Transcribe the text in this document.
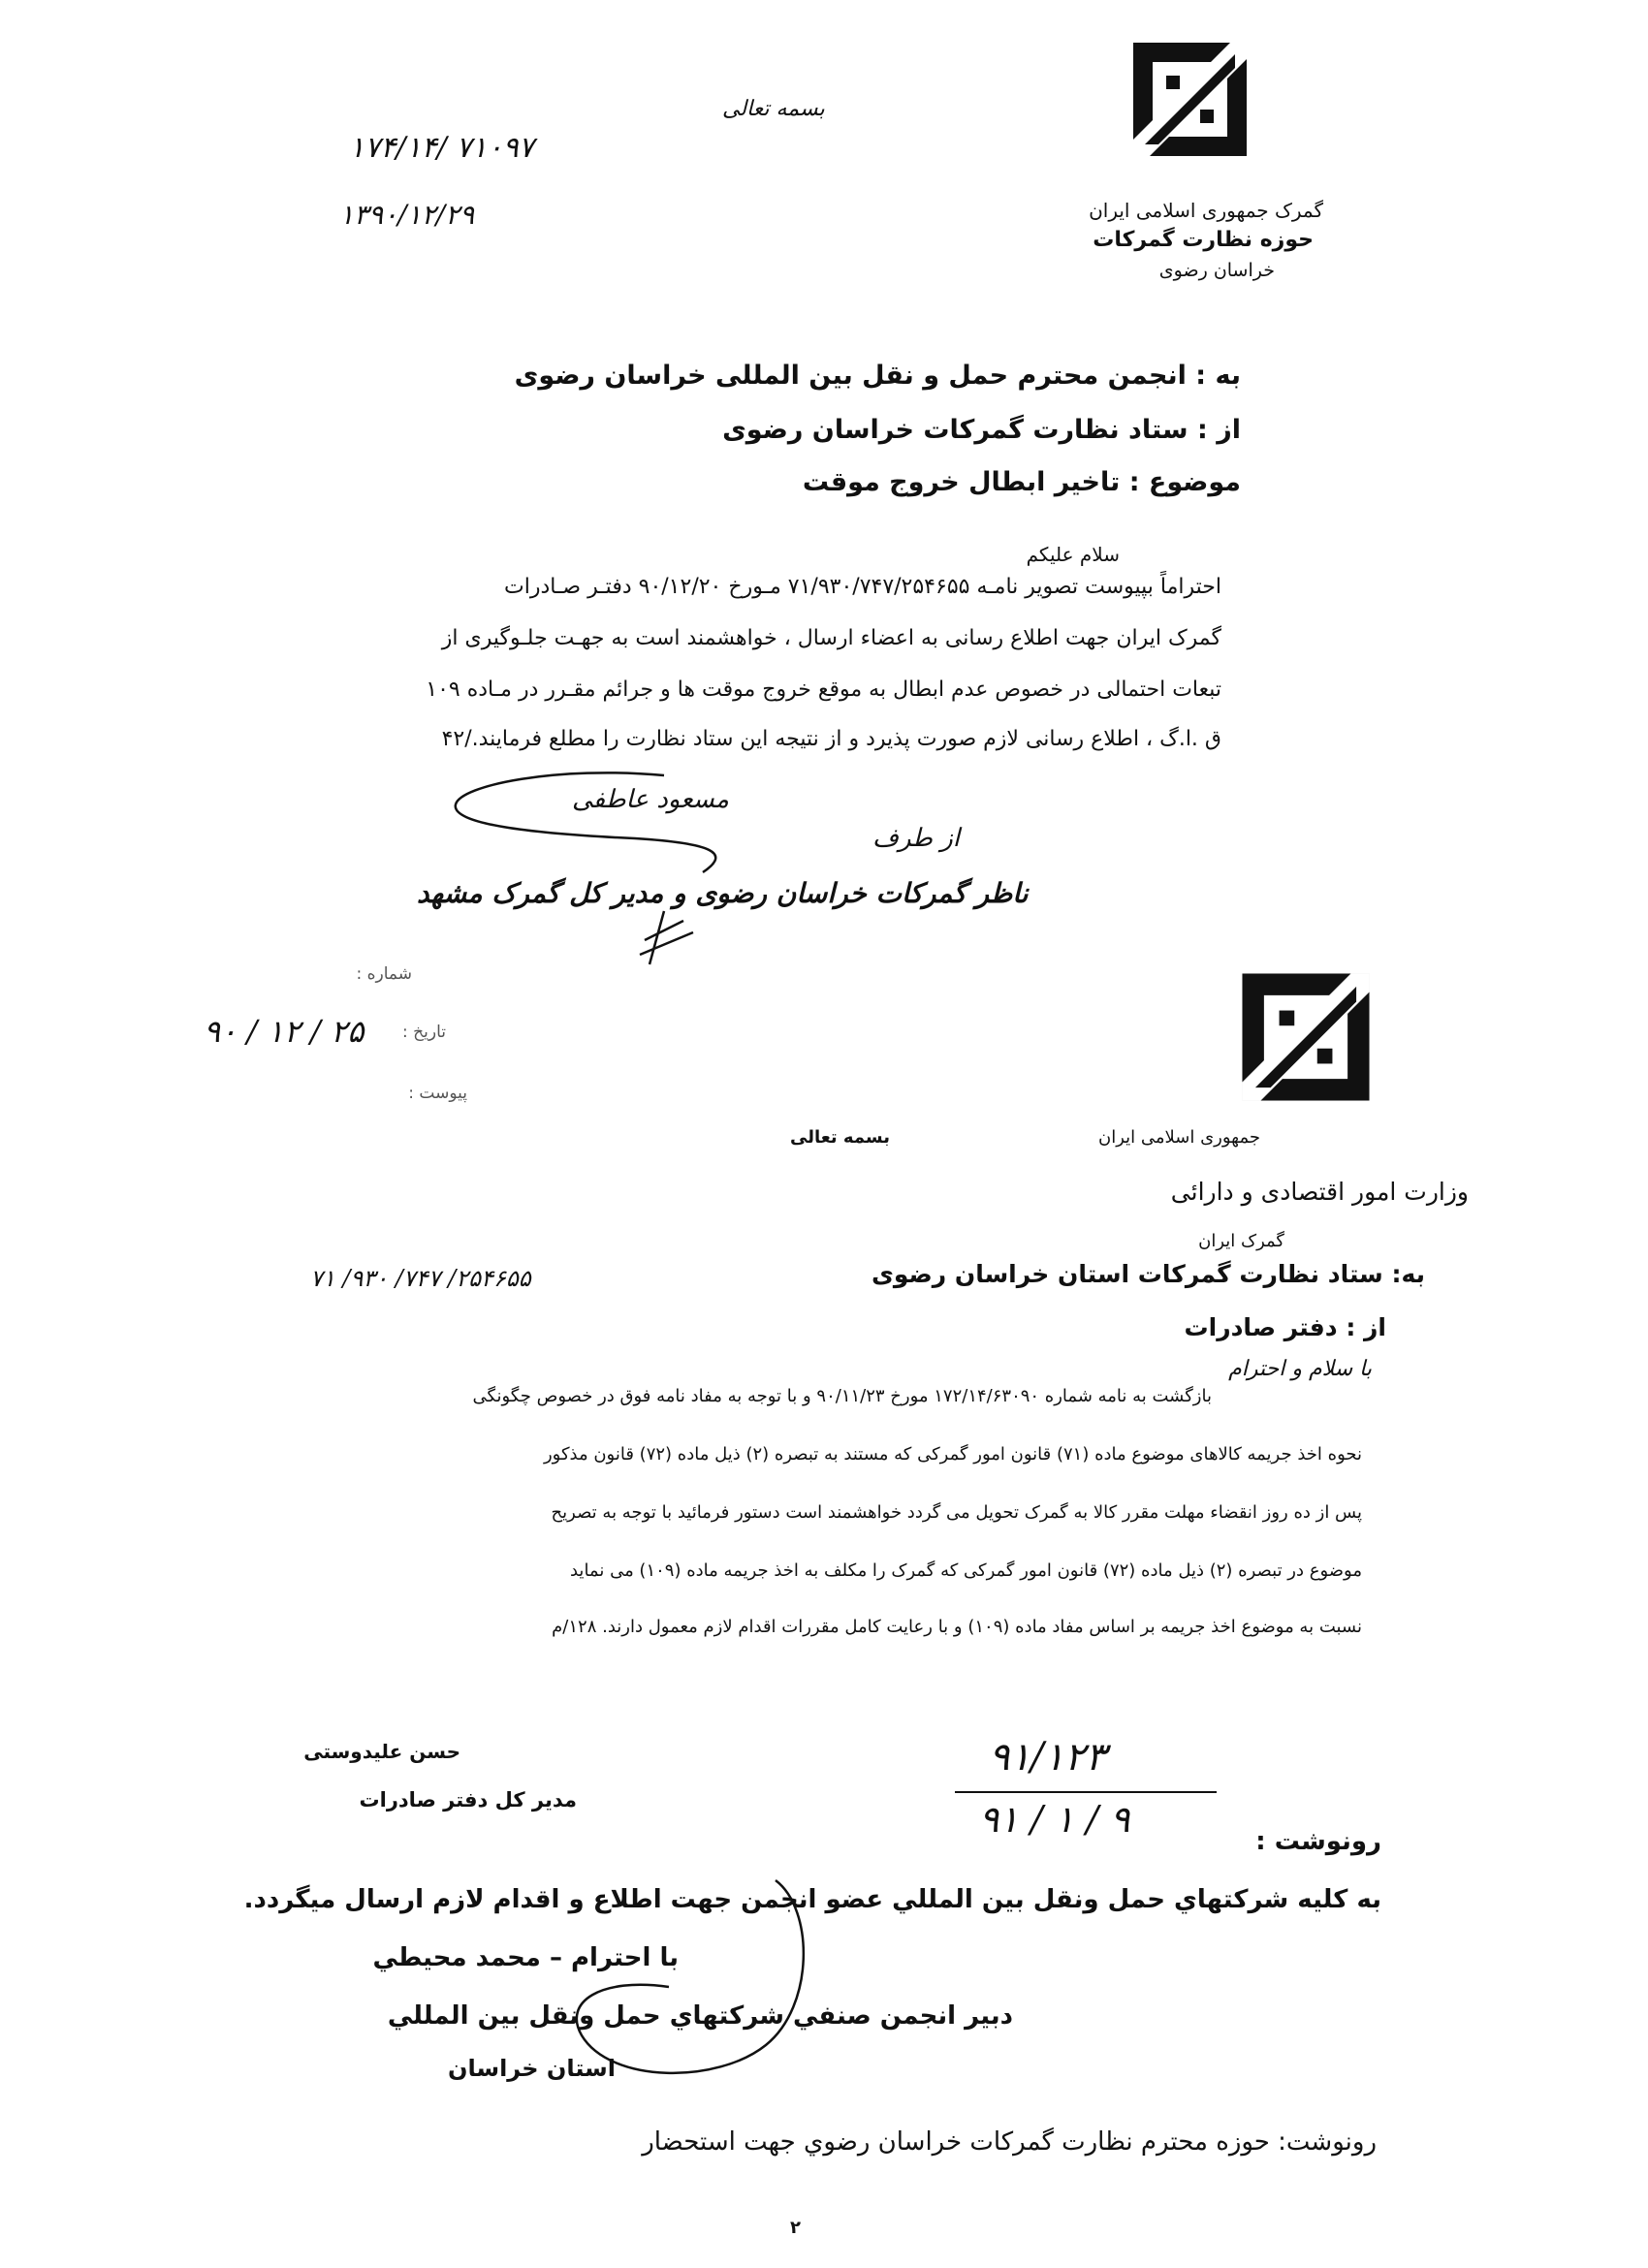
گمرک جمهوری اسلامی ایران
حوزه نظارت گمرکات
خراسان رضوی
بسمه تعالی
۱۷۴/۱۴/ ۷۱۰۹۷
۱۳۹۰/۱۲/۲۹
به : انجمن محترم حمل و نقل بین المللی خراسان رضوی
از : ستاد نظارت گمرکات خراسان رضوی
موضوع : تاخیر ابطال خروج موقت
سلام علیکم
احتراماً بپیوست تصویر نامـه ۷۱/۹۳۰/۷۴۷/۲۵۴۶۵۵ مـورخ ۹۰/۱۲/۲۰ دفتـر صـادرات
گمرک ایران جهت اطلاع رسانی به اعضاء ارسال ، خواهشمند است به جهـت جلـوگیری از
تبعات احتمالی در خصوص عدم ابطال به موقع خروج موقت ها و جرائم مقـرر در مـاده ۱۰۹
ق .ا.گ ، اطلاع رسانی لازم صورت پذیرد و از نتیجه این ستاد نظارت را مطلع فرمایند./۴۲
مسعود عاطفی
از طرف
ناظر گمرکات خراسان رضوی و مدیر کل گمرک مشهد
شماره :
تاریخ :
۹۰ / ۱۲ / ۲۵
پیوست :
بسمه تعالی	جمهوری اسلامی ایران
وزارت امور اقتصادی و دارائی
گمرک ایران
۷۱ /۹۳۰ /۷۴۷ /۲۵۴۶۵۵	به: ستاد نظارت گمرکات استان خراسان رضوی
از : دفتر صادرات
با سلام و احترام
بازگشت به نامه شماره ۱۷۲/۱۴/۶۳۰۹۰ مورخ ۹۰/۱۱/۲۳ و با توجه به مفاد نامه فوق در خصوص چگونگی
نحوه اخذ جریمه کالاهای موضوع ماده (۷۱) قانون امور گمرکی که مستند به تبصره (۲) ذیل ماده (۷۲) قانون مذکور
پس از ده روز انقضاء مهلت مقرر کالا به گمرک تحویل می گردد خواهشمند است دستور فرمائید با توجه به تصریح
موضوع در تبصره (۲) ذیل ماده (۷۲) قانون امور گمرکی که گمرک را مکلف به اخذ جریمه ماده (۱۰۹) می نماید
نسبت به موضوع اخذ جریمه بر اساس مفاد ماده (۱۰۹) و با رعایت کامل مقررات اقدام لازم معمول دارند. ۱۲۸/م
حسن علیدوستی
مدیر کل دفتر صادرات
۹۱/۱۲۳
۹۱ / ۱ / ۹
رونوشت :
به کلیه شرکتهاي حمل ونقل بین المللي عضو انجمن جهت اطلاع و اقدام لازم ارسال میگردد.
با احترام – محمد محیطي
دبیر انجمن صنفي شرکتهاي حمل ونقل بین المللي
استان خراسان
رونوشت: حوزه محترم نظارت گمرکات خراسان رضوي جهت استحضار
۲
